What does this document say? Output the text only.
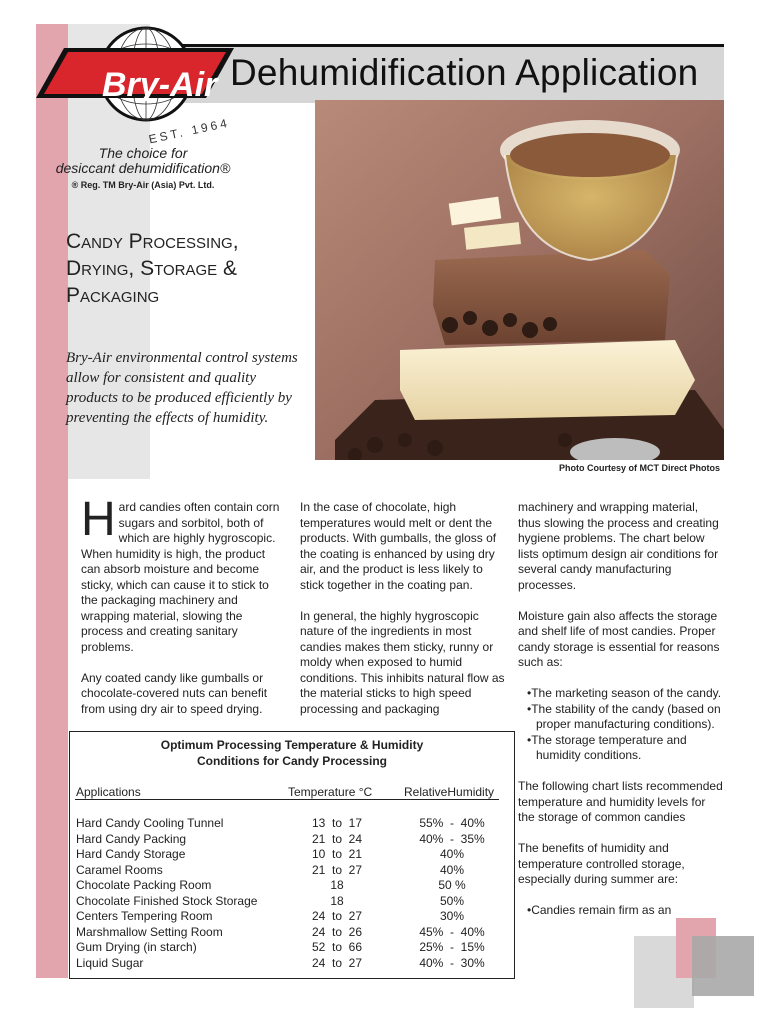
Dehumidification Application
Bry-Air
EST. 1964
The choice for
desiccant dehumidification®
® Reg. TM Bry-Air (Asia) Pvt. Ltd.
Candy Processing, Drying, Storage & Packaging
Bry-Air environmental control systems allow for consistent and quality products to be produced efficiently by preventing the effects of humidity.
Photo Courtesy of MCT Direct Photos

Hard candies often contain corn sugars and sorbitol, both of which are highly hygroscopic. When humidity is high, the product can absorb moisture and become sticky, which can cause it to stick to the packaging machinery and wrapping material, slowing the process and creating sanitary problems.

Any coated candy like gumballs or chocolate-covered nuts can benefit from using dry air to speed drying.

In the case of chocolate, high temperatures would melt or dent the products. With gumballs, the gloss of the coating is enhanced by using dry air, and the product is less likely to stick together in the coating pan.

In general, the highly hygroscopic nature of the ingredients in most candies makes them sticky, runny or moldy when exposed to humid conditions. This inhibits natural flow as the material sticks to high speed processing and packaging

machinery and wrapping material, thus slowing the process and creating hygiene problems. The chart below lists optimum design air conditions for several candy manufacturing processes.

Moisture gain also affects the storage and shelf life of most candies. Proper candy storage is essential for reasons such as:

•The marketing season of the candy.
•The stability of the candy (based on proper manufacturing conditions).
•The storage temperature and humidity conditions.

The following chart lists recommended temperature and humidity levels for the storage of common candies

The benefits of humidity and temperature controlled storage, especially during summer are:

•Candies remain firm as an
Optimum Processing Temperature & Humidity
Conditions for Candy Processing
Applications	Temperature °C	RelativeHumidity
Hard Candy Cooling Tunnel	13  to  17	55%  -  40%
Hard Candy Packing	21  to  24	40%  -  35%
Hard Candy Storage	10  to  21	40%
Caramel Rooms	21  to  27	40%
Chocolate Packing Room	18	50 %
Chocolate Finished Stock Storage	18	50%
Centers Tempering Room	24  to  27	30%
Marshmallow Setting Room	24  to  26	45%  -  40%
Gum Drying (in starch)	52  to  66	25%  -  15%
Liquid Sugar	24  to  27	40%  -  30%
